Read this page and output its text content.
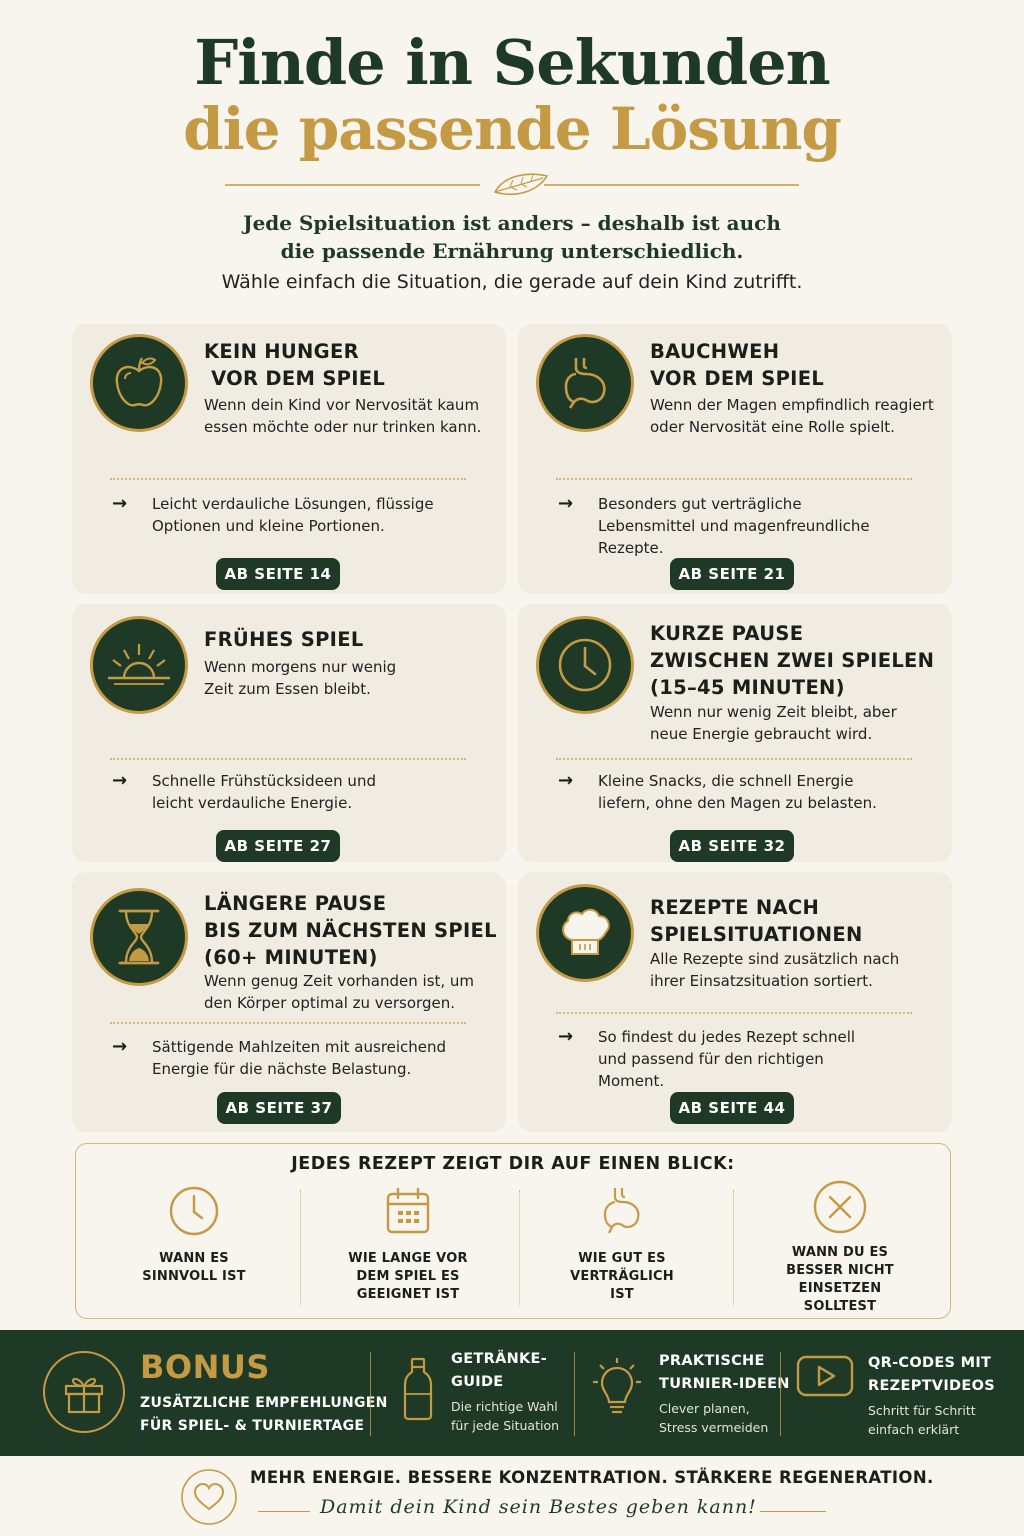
Finde in Sekunden
die passende Lösung
Jede Spielsituation ist anders – deshalb ist auch
die passende Ernährung unterschiedlich.
Wähle einfach die Situation, die gerade auf dein Kind zutrifft.
KEIN HUNGER
VOR DEM SPIEL
Wenn dein Kind vor Nervosität kaum essen möchte oder nur trinken kann.
→ Leicht verdauliche Lösungen, flüssige Optionen und kleine Portionen.
AB SEITE 14
BAUCHWEH
VOR DEM SPIEL
Wenn der Magen empfindlich reagiert oder Nervosität eine Rolle spielt.
→ Besonders gut verträgliche Lebensmittel und magenfreundliche Rezepte.
AB SEITE 21
FRÜHES SPIEL
Wenn morgens nur wenig Zeit zum Essen bleibt.
→ Schnelle Frühstücksideen und leicht verdauliche Energie.
AB SEITE 27
KURZE PAUSE
ZWISCHEN ZWEI SPIELEN
(15–45 MINUTEN)
Wenn nur wenig Zeit bleibt, aber neue Energie gebraucht wird.
→ Kleine Snacks, die schnell Energie liefern, ohne den Magen zu belasten.
AB SEITE 32
LÄNGERE PAUSE
BIS ZUM NÄCHSTEN SPIEL
(60+ MINUTEN)
Wenn genug Zeit vorhanden ist, um den Körper optimal zu versorgen.
→ Sättigende Mahlzeiten mit ausreichend Energie für die nächste Belastung.
AB SEITE 37
REZEPTE NACH
SPIELSITUATIONEN
Alle Rezepte sind zusätzlich nach ihrer Einsatzsituation sortiert.
→ So findest du jedes Rezept schnell und passend für den richtigen Moment.
AB SEITE 44
JEDES REZEPT ZEIGT DIR AUF EINEN BLICK:
WANN ES
SINNVOLL IST
WIE LANGE VOR
DEM SPIEL ES
GEEIGNET IST
WIE GUT ES
VERTRÄGLICH
IST
WANN DU ES
BESSER NICHT
EINSETZEN
SOLLTEST
BONUS
ZUSÄTZLICHE EMPFEHLUNGEN
FÜR SPIEL- & TURNIERTAGE
GETRÄNKE-
GUIDE
Die richtige Wahl
für jede Situation
PRAKTISCHE
TURNIER-IDEEN
Clever planen,
Stress vermeiden
QR-CODES MIT
REZEPTVIDEOS
Schritt für Schritt
einfach erklärt
MEHR ENERGIE. BESSERE KONZENTRATION. STÄRKERE REGENERATION.
Damit dein Kind sein Bestes geben kann!
